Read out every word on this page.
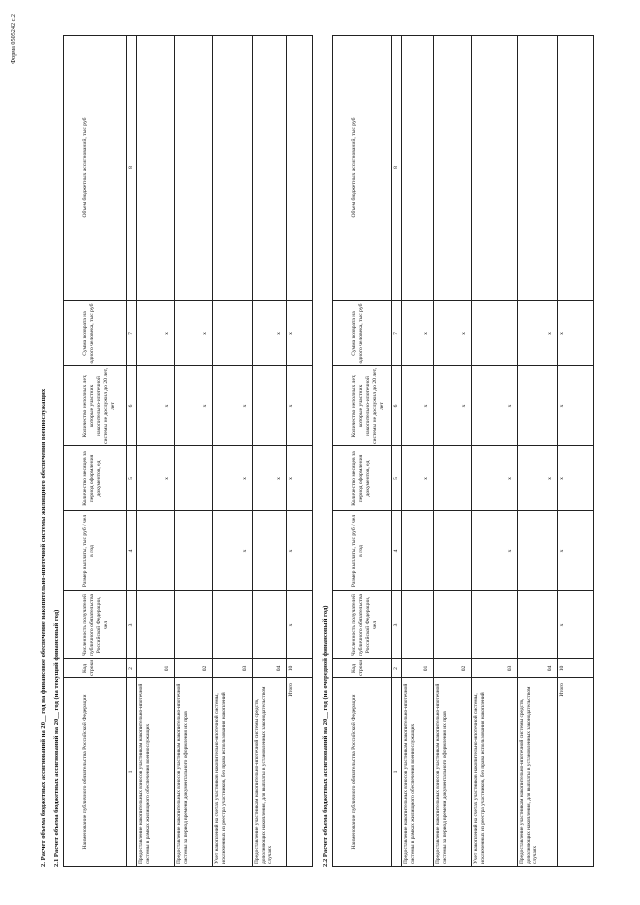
Форма 0505242 с.2
2. Расчет объема бюджетных ассигнований на 20__ год на финансовое обеспечение накопительно-ипотечной системы жилищного обеспечения военнослужащих 2.1 Расчет объема бюджетных ассигнований на 20__ год (на текущий финансовый год)	Наименование публичного обязательства Российской Федерации
Код строки
Численность получателей публичного обязательства Российской Федерации, чел
Размер выплаты, тыс руб / чел в год
Количество месяцев за период оформления документов, ед
Количество неполных лет, которые участник накопительно-ипотечной системы не дослужил до 20 лет, лет
Сумма возврата на одного человека, тыс руб
Объем бюджетных ассигнований, тыс руб
1
2
3
4
5
6
7
8
Предоставление накопительных взносов участникам накопительно-ипотечной системы в рамках жилищного обеспечения военнослужащих
01
x
x
x
Предоставление накопительных взносов участникам накопительно-ипотечной системы за период времени документального оформления их прав
02
x
x
Учет накоплений на счетах участников накопительно-ипотечной системы, исключенных из реестра участников, без права использования накоплений
03
x
x
x
Предоставление участникам накопительно-ипотечной системы средств, дополняющих накопления, для выплаты в установленных законодательством случаях
04
x
x
Итого
10
x
x
x
x
x
2.2 Расчет объема бюджетных ассигнований на 20__ год (на очередной финансовый год)	Наименование публичного обязательства Российской Федерации
Код строки
Численность получателей публичного обязательства Российской Федерации, чел
Размер выплаты, тыс руб / чел в год
Количество месяцев за период оформления документов, ед
Количество неполных лет, которые участник накопительно-ипотечной системы не дослужил до 20 лет, лет
Сумма возврата на одного человека, тыс руб
Объем бюджетных ассигнований, тыс руб
1
2
3
4
5
6
7
8
Предоставление накопительных взносов участникам накопительно-ипотечной системы в рамках жилищного обеспечения военнослужащих
01
x
x
x
Предоставление накопительных взносов участникам накопительно-ипотечной системы за период времени документального оформления их прав
02
x
x
Учет накоплений на счетах участников накопительно-ипотечной системы, исключенных из реестра участников, без права использования накоплений
03
x
x
x
Предоставление участникам накопительно-ипотечной системы средств, дополняющих накопления, для выплаты в установленных законодательством случаях
04
x
x
Итого
10
x
x
x
x
x
